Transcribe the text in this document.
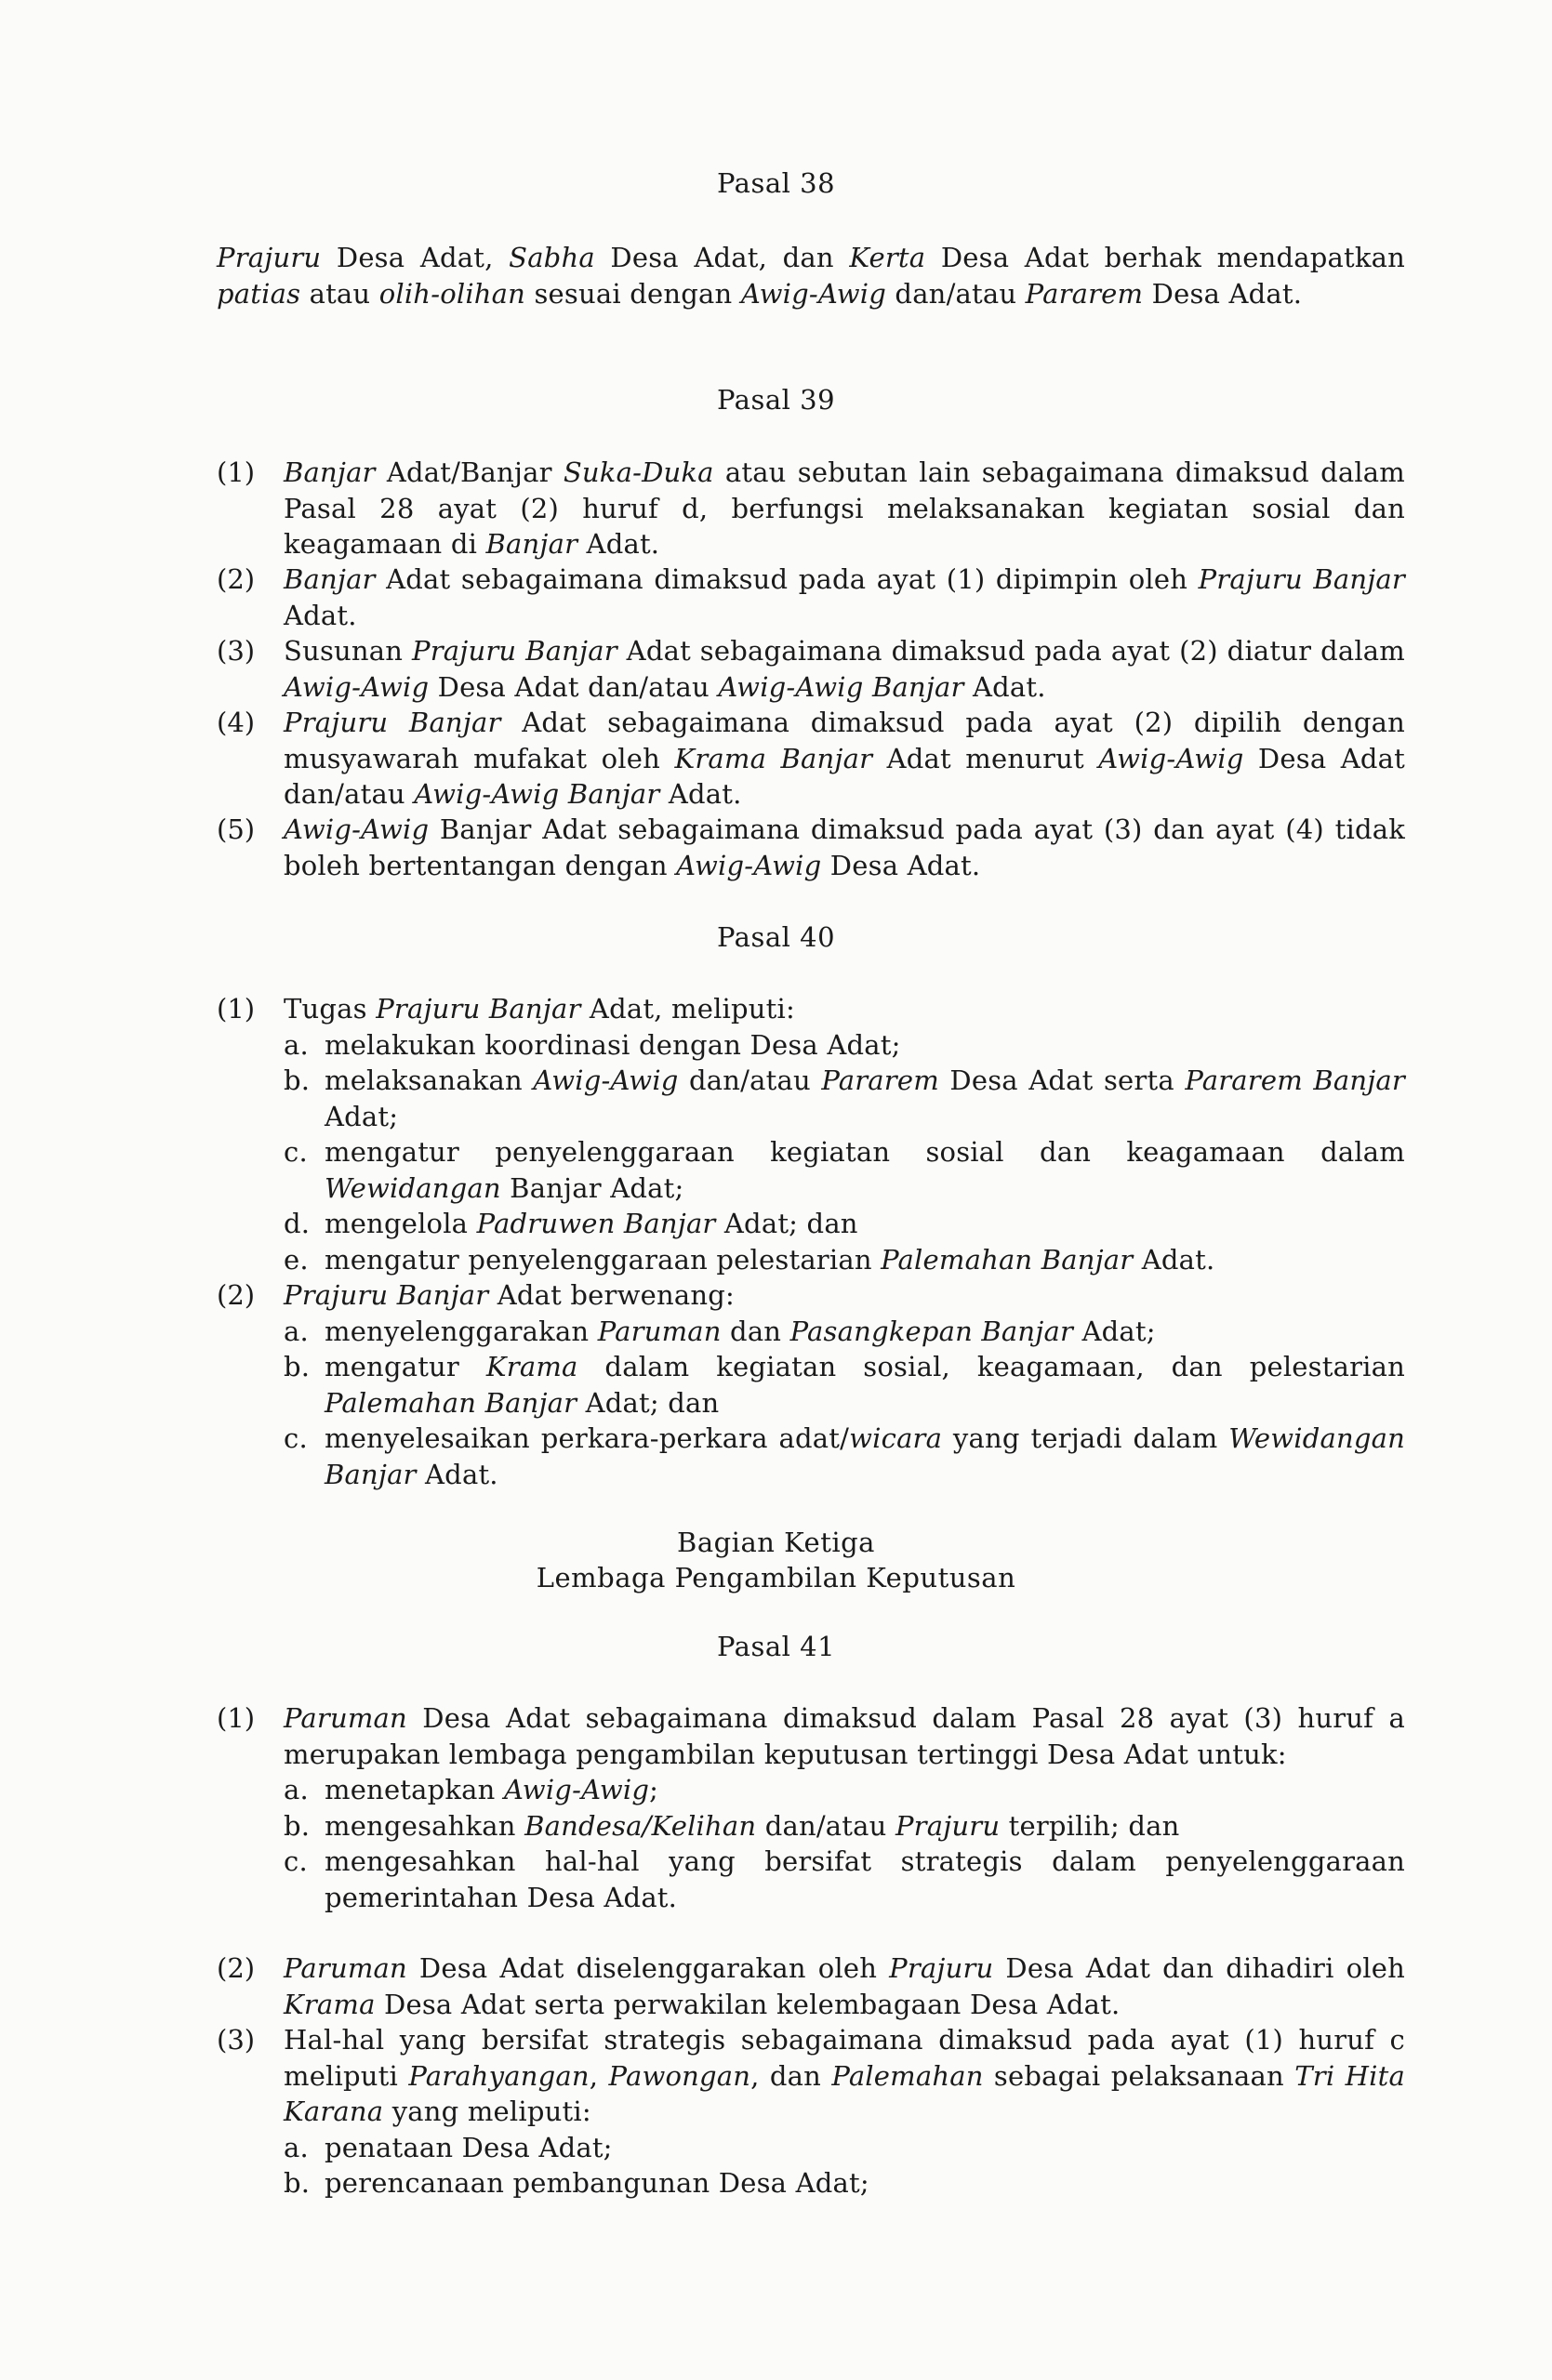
Pasal 38
Prajuru Desa Adat, Sabha Desa Adat, dan Kerta Desa Adat berhak mendapatkan patias atau olih-olihan sesuai dengan Awig-Awig dan/atau Pararem Desa Adat.
Pasal 39
(1) Banjar Adat/Banjar Suka-Duka atau sebutan lain sebagaimana dimaksud dalam Pasal 28 ayat (2) huruf d, berfungsi melaksanakan kegiatan sosial dan keagamaan di Banjar Adat.
(2) Banjar Adat sebagaimana dimaksud pada ayat (1) dipimpin oleh Prajuru Banjar Adat.
(3) Susunan Prajuru Banjar Adat sebagaimana dimaksud pada ayat (2) diatur dalam Awig-Awig Desa Adat dan/atau Awig-Awig Banjar Adat.
(4) Prajuru Banjar Adat sebagaimana dimaksud pada ayat (2) dipilih dengan musyawarah mufakat oleh Krama Banjar Adat menurut Awig-Awig Desa Adat dan/atau Awig-Awig Banjar Adat.
(5) Awig-Awig Banjar Adat sebagaimana dimaksud pada ayat (3) dan ayat (4) tidak boleh bertentangan dengan Awig-Awig Desa Adat.
Pasal 40
(1) Tugas Prajuru Banjar Adat, meliputi:
a. melakukan koordinasi dengan Desa Adat;
b. melaksanakan Awig-Awig dan/atau Pararem Desa Adat serta Pararem Banjar Adat;
c. mengatur penyelenggaraan kegiatan sosial dan keagamaan dalam Wewidangan Banjar Adat;
d. mengelola Padruwen Banjar Adat; dan
e. mengatur penyelenggaraan pelestarian Palemahan Banjar Adat.
(2) Prajuru Banjar Adat berwenang:
a. menyelenggarakan Paruman dan Pasangkepan Banjar Adat;
b. mengatur Krama dalam kegiatan sosial, keagamaan, dan pelestarian Palemahan Banjar Adat; dan
c. menyelesaikan perkara-perkara adat/wicara yang terjadi dalam Wewidangan Banjar Adat.
Bagian Ketiga
Lembaga Pengambilan Keputusan
Pasal 41
(1) Paruman Desa Adat sebagaimana dimaksud dalam Pasal 28 ayat (3) huruf a merupakan lembaga pengambilan keputusan tertinggi Desa Adat untuk:
a. menetapkan Awig-Awig;
b. mengesahkan Bandesa/Kelihan dan/atau Prajuru terpilih; dan
c. mengesahkan hal-hal yang bersifat strategis dalam penyelenggaraan pemerintahan Desa Adat.
(2) Paruman Desa Adat diselenggarakan oleh Prajuru Desa Adat dan dihadiri oleh Krama Desa Adat serta perwakilan kelembagaan Desa Adat.
(3) Hal-hal yang bersifat strategis sebagaimana dimaksud pada ayat (1) huruf c meliputi Parahyangan, Pawongan, dan Palemahan sebagai pelaksanaan Tri Hita Karana yang meliputi:
a. penataan Desa Adat;
b. perencanaan pembangunan Desa Adat;
